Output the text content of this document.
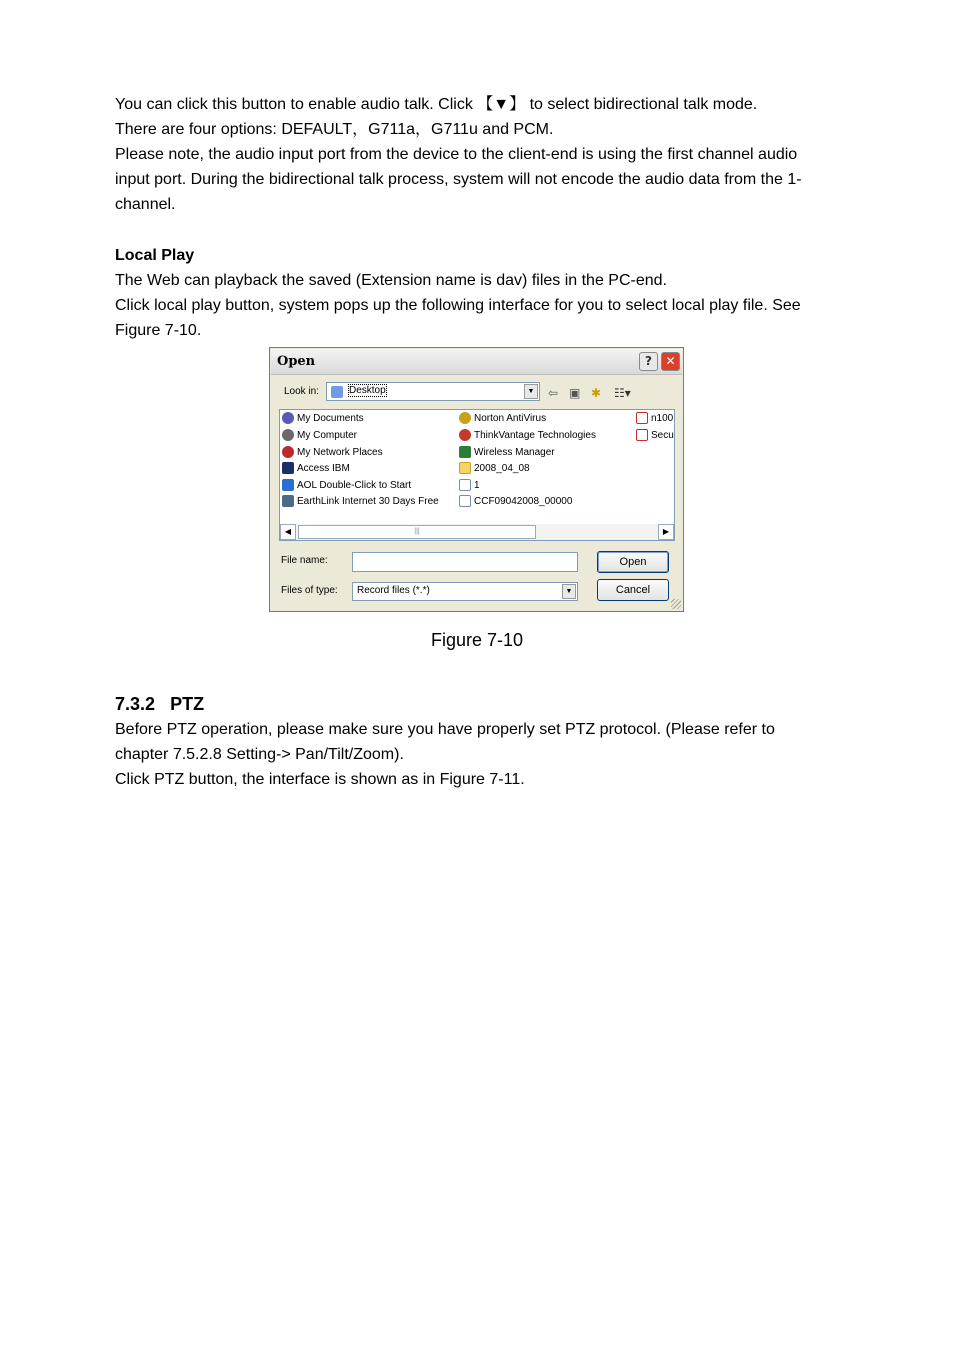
You can click this button to enable audio talk. Click 【▼】 to select bidirectional talk mode.
There are four options: DEFAULT，G711a，G711u and PCM.
Please note, the audio input port from the device to the client-end is using the first channel audio
input port. During the bidirectional talk process, system will not encode the audio data from the 1-
channel.
Local Play
The Web can playback the saved (Extension name is dav) files in the PC-end.
Click local play button, system pops up the following interface for you to select local play file. See
Figure 7-10.
Open	?	✕
Look in:	Desktop	▼ ⇦ ▣ ✱ ☷▾
My Documents
My Computer
My Network Places
Access IBM
AOL Double-Click to Start
EarthLink Internet 30 Days Free
Norton AntiVirus
ThinkVantage Technologies
Wireless Manager
2008_04_08
1
CCF09042008_00000
n100
Secu
◀	|||	▶
File name:
Files of type: Record files (*.*)	▼
Open
Cancel
Figure 7-10
7.3.2 PTZ
Before PTZ operation, please make sure you have properly set PTZ protocol. (Please refer to
chapter 7.5.2.8 Setting-> Pan/Tilt/Zoom).
Click PTZ button, the interface is shown as in Figure 7-11.
